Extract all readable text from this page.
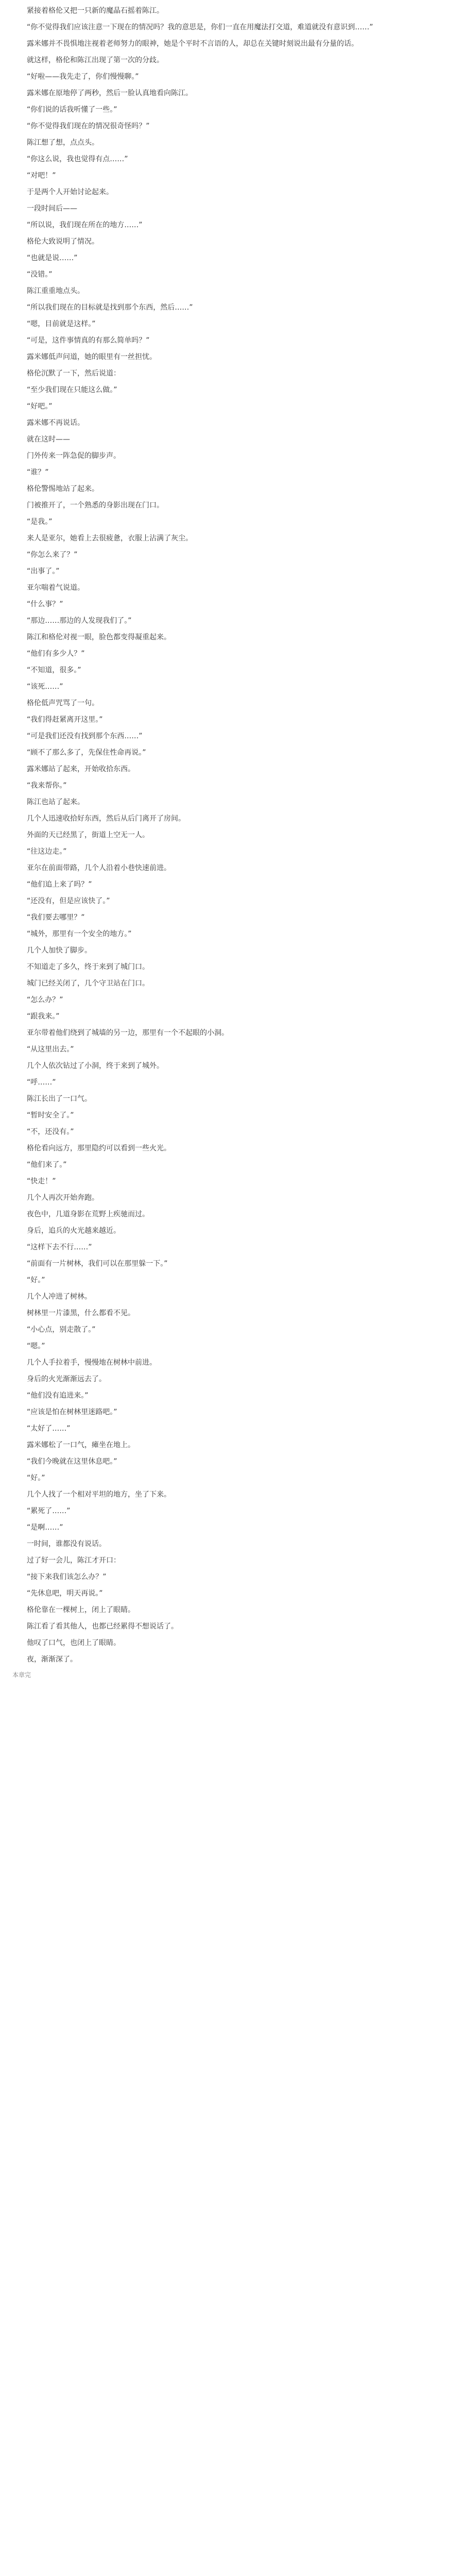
紧接着格伦又把一只新的魔晶石摇着陈江。

“你不觉得我们应该注意一下现在的情况吗？我的意思是，你们一直在用魔法打交道，难道就没有意识到……”

露米娜并不畏惧地注视着老师努力的眼神，她是个平时不言语的人，却总在关键时刻说出最有分量的话。

就这样，格伦和陈江出现了第一次的分歧。

“好啦——我先走了，你们慢慢聊。”

露米娜在原地停了两秒，然后一脸认真地看向陈江。

“你们说的话我听懂了一些。”

“你不觉得我们现在的情况很奇怪吗？”

陈江想了想，点点头。

“你这么说，我也觉得有点……”

“对吧！”

于是两个人开始讨论起来。

一段时间后——

“所以说，我们现在所在的地方……”

格伦大致说明了情况。

“也就是说……”

“没错。”

陈江重重地点头。

“所以我们现在的目标就是找到那个东西，然后……”

“嗯，目前就是这样。”

“可是，这件事情真的有那么简单吗？”

露米娜低声问道，她的眼里有一丝担忧。

格伦沉默了一下，然后说道：

“至少我们现在只能这么做。”

“好吧。”

露米娜不再说话。

就在这时——

门外传来一阵急促的脚步声。

“谁？”

格伦警惕地站了起来。

门被推开了，一个熟悉的身影出现在门口。

“是我。”

来人是亚尔，她看上去很疲惫，衣服上沾满了灰尘。

“你怎么来了？”

“出事了。”

亚尔喘着气说道。

“什么事？”

“那边……那边的人发现我们了。”

陈江和格伦对视一眼，脸色都变得凝重起来。

“他们有多少人？”

“不知道，很多。”

“该死……”

格伦低声咒骂了一句。

“我们得赶紧离开这里。”

“可是我们还没有找到那个东西……”

“顾不了那么多了，先保住性命再说。”

露米娜站了起来，开始收拾东西。

“我来帮你。”

陈江也站了起来。

几个人迅速收拾好东西，然后从后门离开了房间。

外面的天已经黑了，街道上空无一人。

“往这边走。”

亚尔在前面带路，几个人沿着小巷快速前进。

“他们追上来了吗？”

“还没有，但是应该快了。”

“我们要去哪里？”

“城外，那里有一个安全的地方。”

几个人加快了脚步。

不知道走了多久，终于来到了城门口。

城门已经关闭了，几个守卫站在门口。

“怎么办？”

“跟我来。”

亚尔带着他们绕到了城墙的另一边，那里有一个不起眼的小洞。

“从这里出去。”

几个人依次钻过了小洞，终于来到了城外。

“呼……”

陈江长出了一口气。

“暂时安全了。”

“不，还没有。”

格伦看向远方，那里隐约可以看到一些火光。

“他们来了。”

“快走！”

几个人再次开始奔跑。

夜色中，几道身影在荒野上疾驰而过。

身后，追兵的火光越来越近。

“这样下去不行……”

“前面有一片树林，我们可以在那里躲一下。”

“好。”

几个人冲进了树林。

树林里一片漆黑，什么都看不见。

“小心点，别走散了。”

“嗯。”

几个人手拉着手，慢慢地在树林中前进。

身后的火光渐渐远去了。

“他们没有追进来。”

“应该是怕在树林里迷路吧。”

“太好了……”

露米娜松了一口气，瘫坐在地上。

“我们今晚就在这里休息吧。”

“好。”

几个人找了一个相对平坦的地方，坐了下来。

“累死了……”

“是啊……”

一时间，谁都没有说话。

过了好一会儿，陈江才开口：

“接下来我们该怎么办？”

“先休息吧，明天再说。”

格伦靠在一棵树上，闭上了眼睛。

陈江看了看其他人，也都已经累得不想说话了。

他叹了口气，也闭上了眼睛。

夜，渐渐深了。

本章完
